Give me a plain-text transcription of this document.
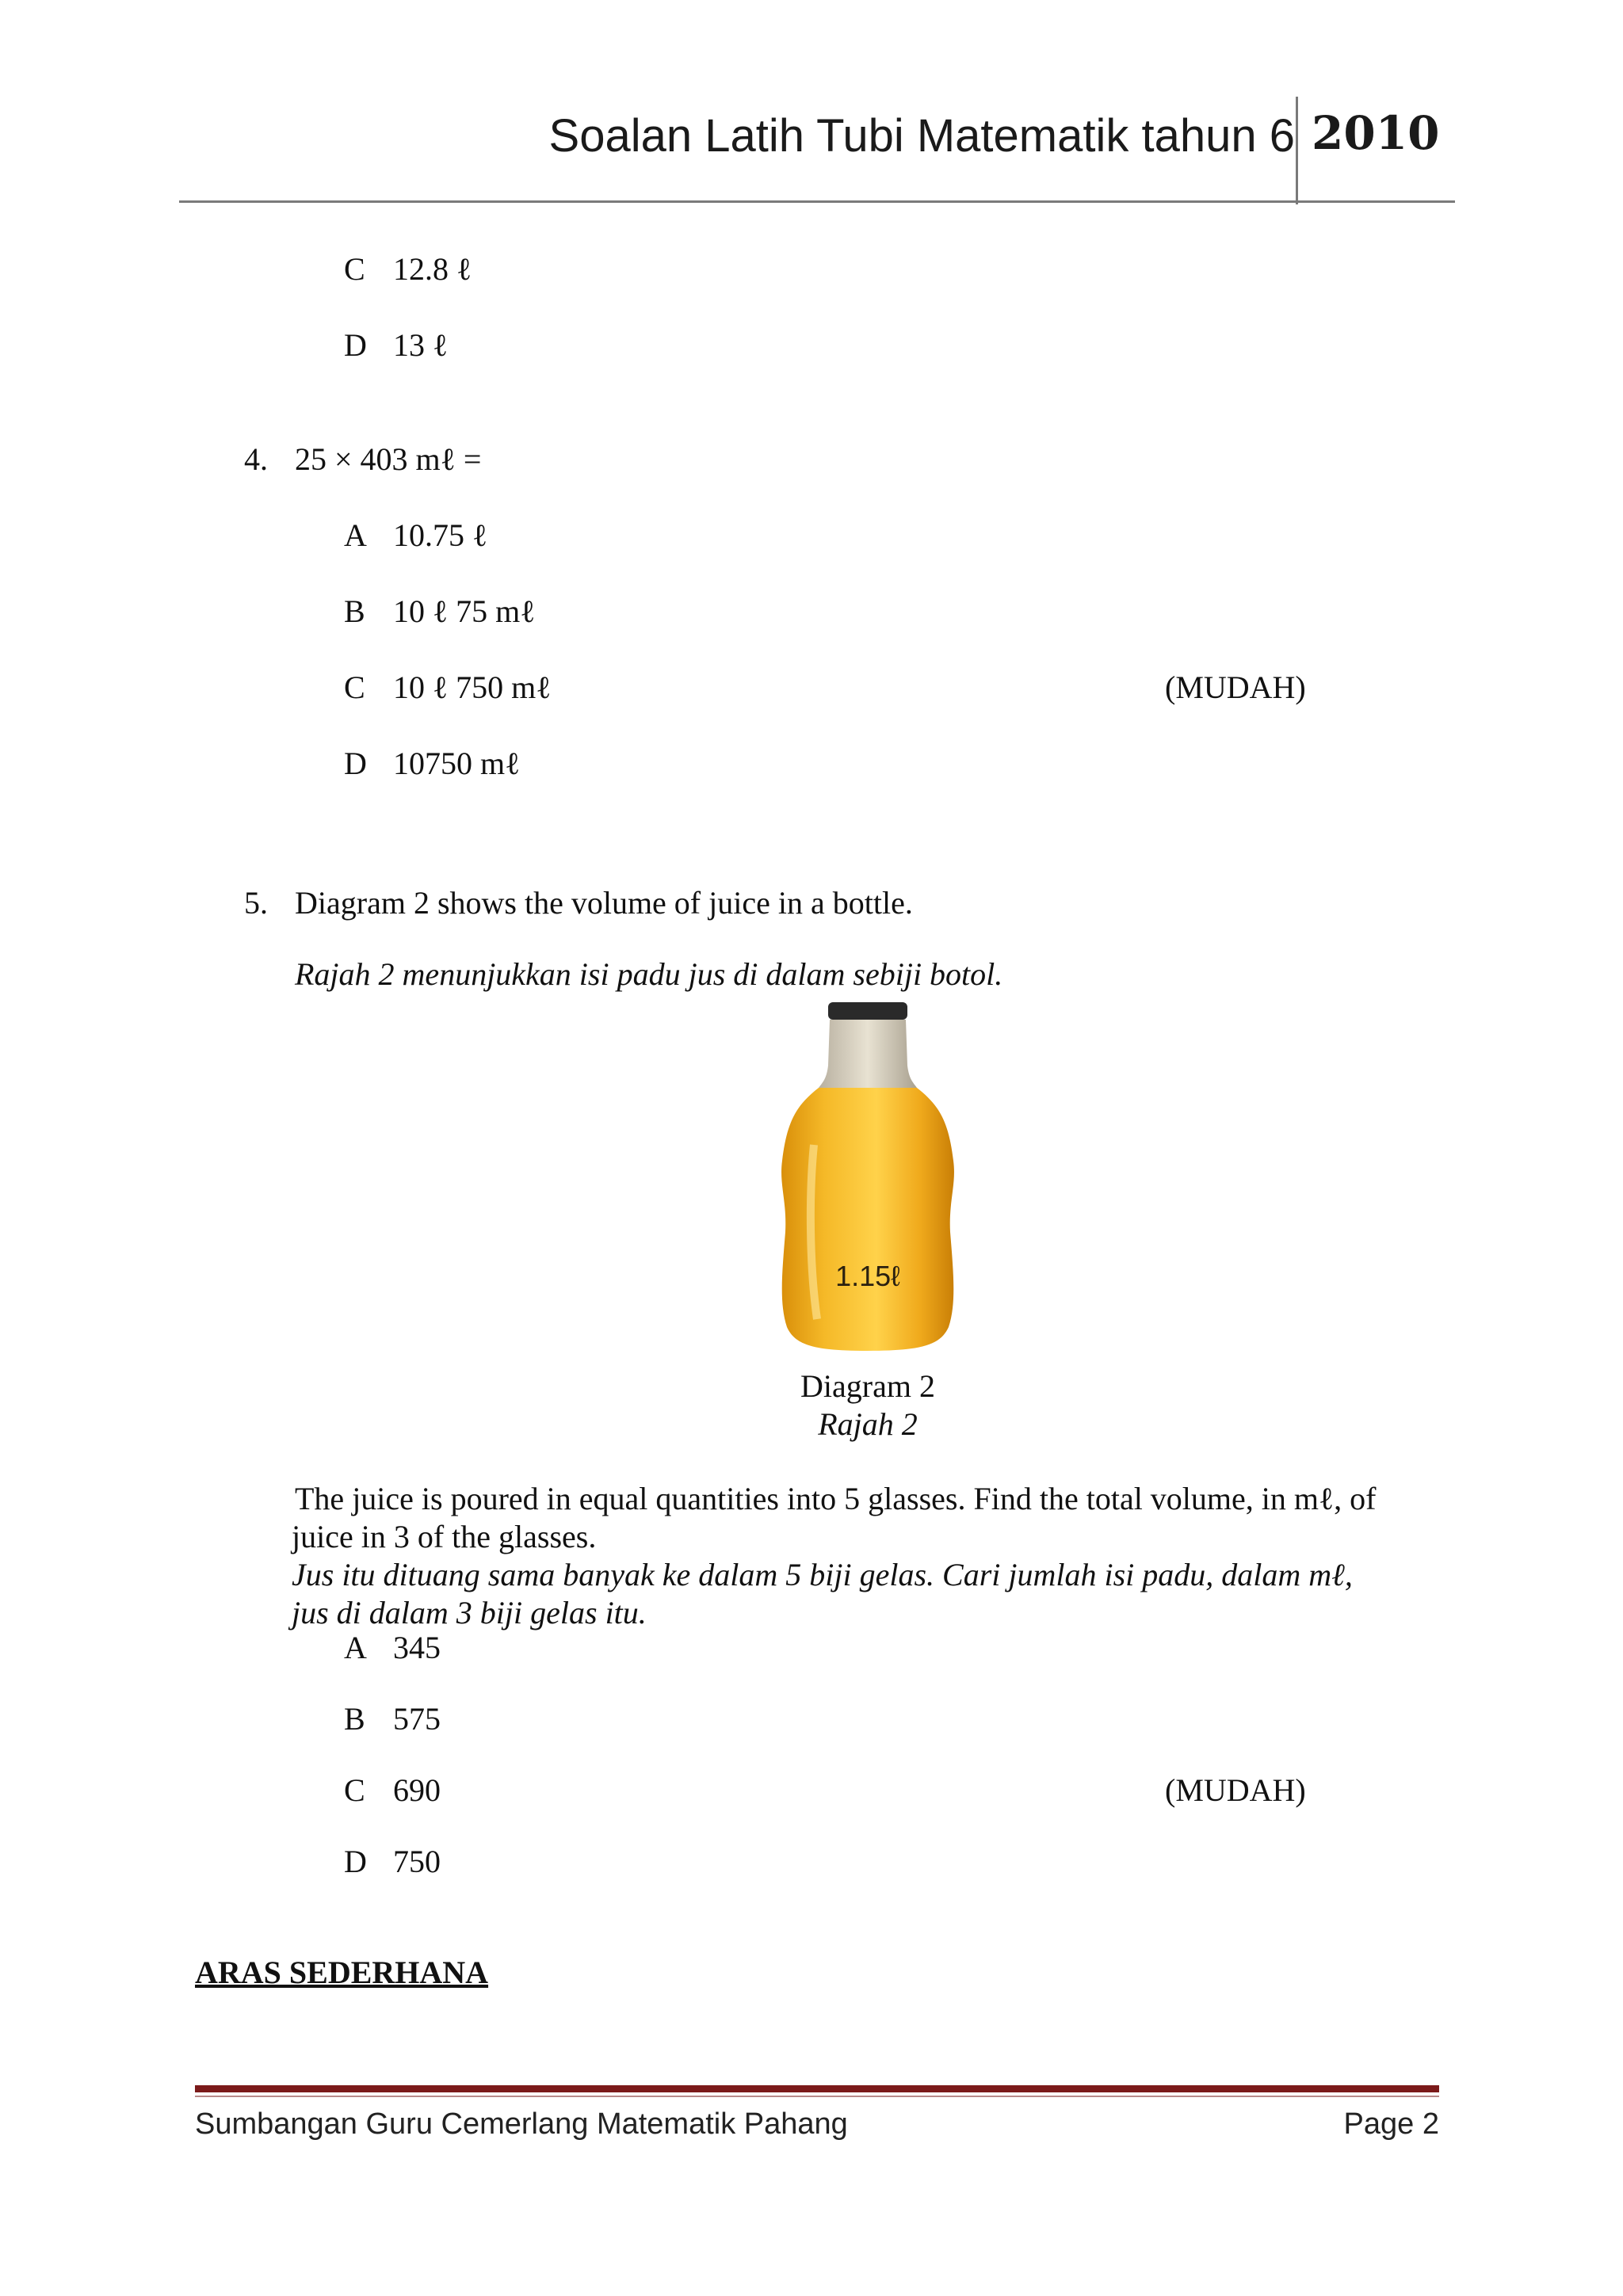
Soalan Latih Tubi Matematik tahun 6 2010
C 12.8 ℓ
D 13 ℓ
4. 25 × 403 mℓ =
A 10.75 ℓ
B 10 ℓ 75 mℓ
C 10 ℓ 750 mℓ	(MUDAH)
D 10750 mℓ
5. Diagram 2 shows the volume of juice in a bottle.
Rajah 2 menunjukkan isi padu jus di dalam sebiji botol.
1.15ℓ
Diagram 2
Rajah 2
The juice is poured in equal quantities into 5 glasses. Find the total volume, in mℓ, of
juice in 3 of the glasses.
Jus itu dituang sama banyak ke dalam 5 biji gelas. Cari jumlah isi padu, dalam mℓ,
jus di dalam 3 biji gelas itu.
A 345
B 575
C 690	(MUDAH)
D 750
ARAS SEDERHANA
Sumbangan Guru Cemerlang Matematik Pahang	Page 2
